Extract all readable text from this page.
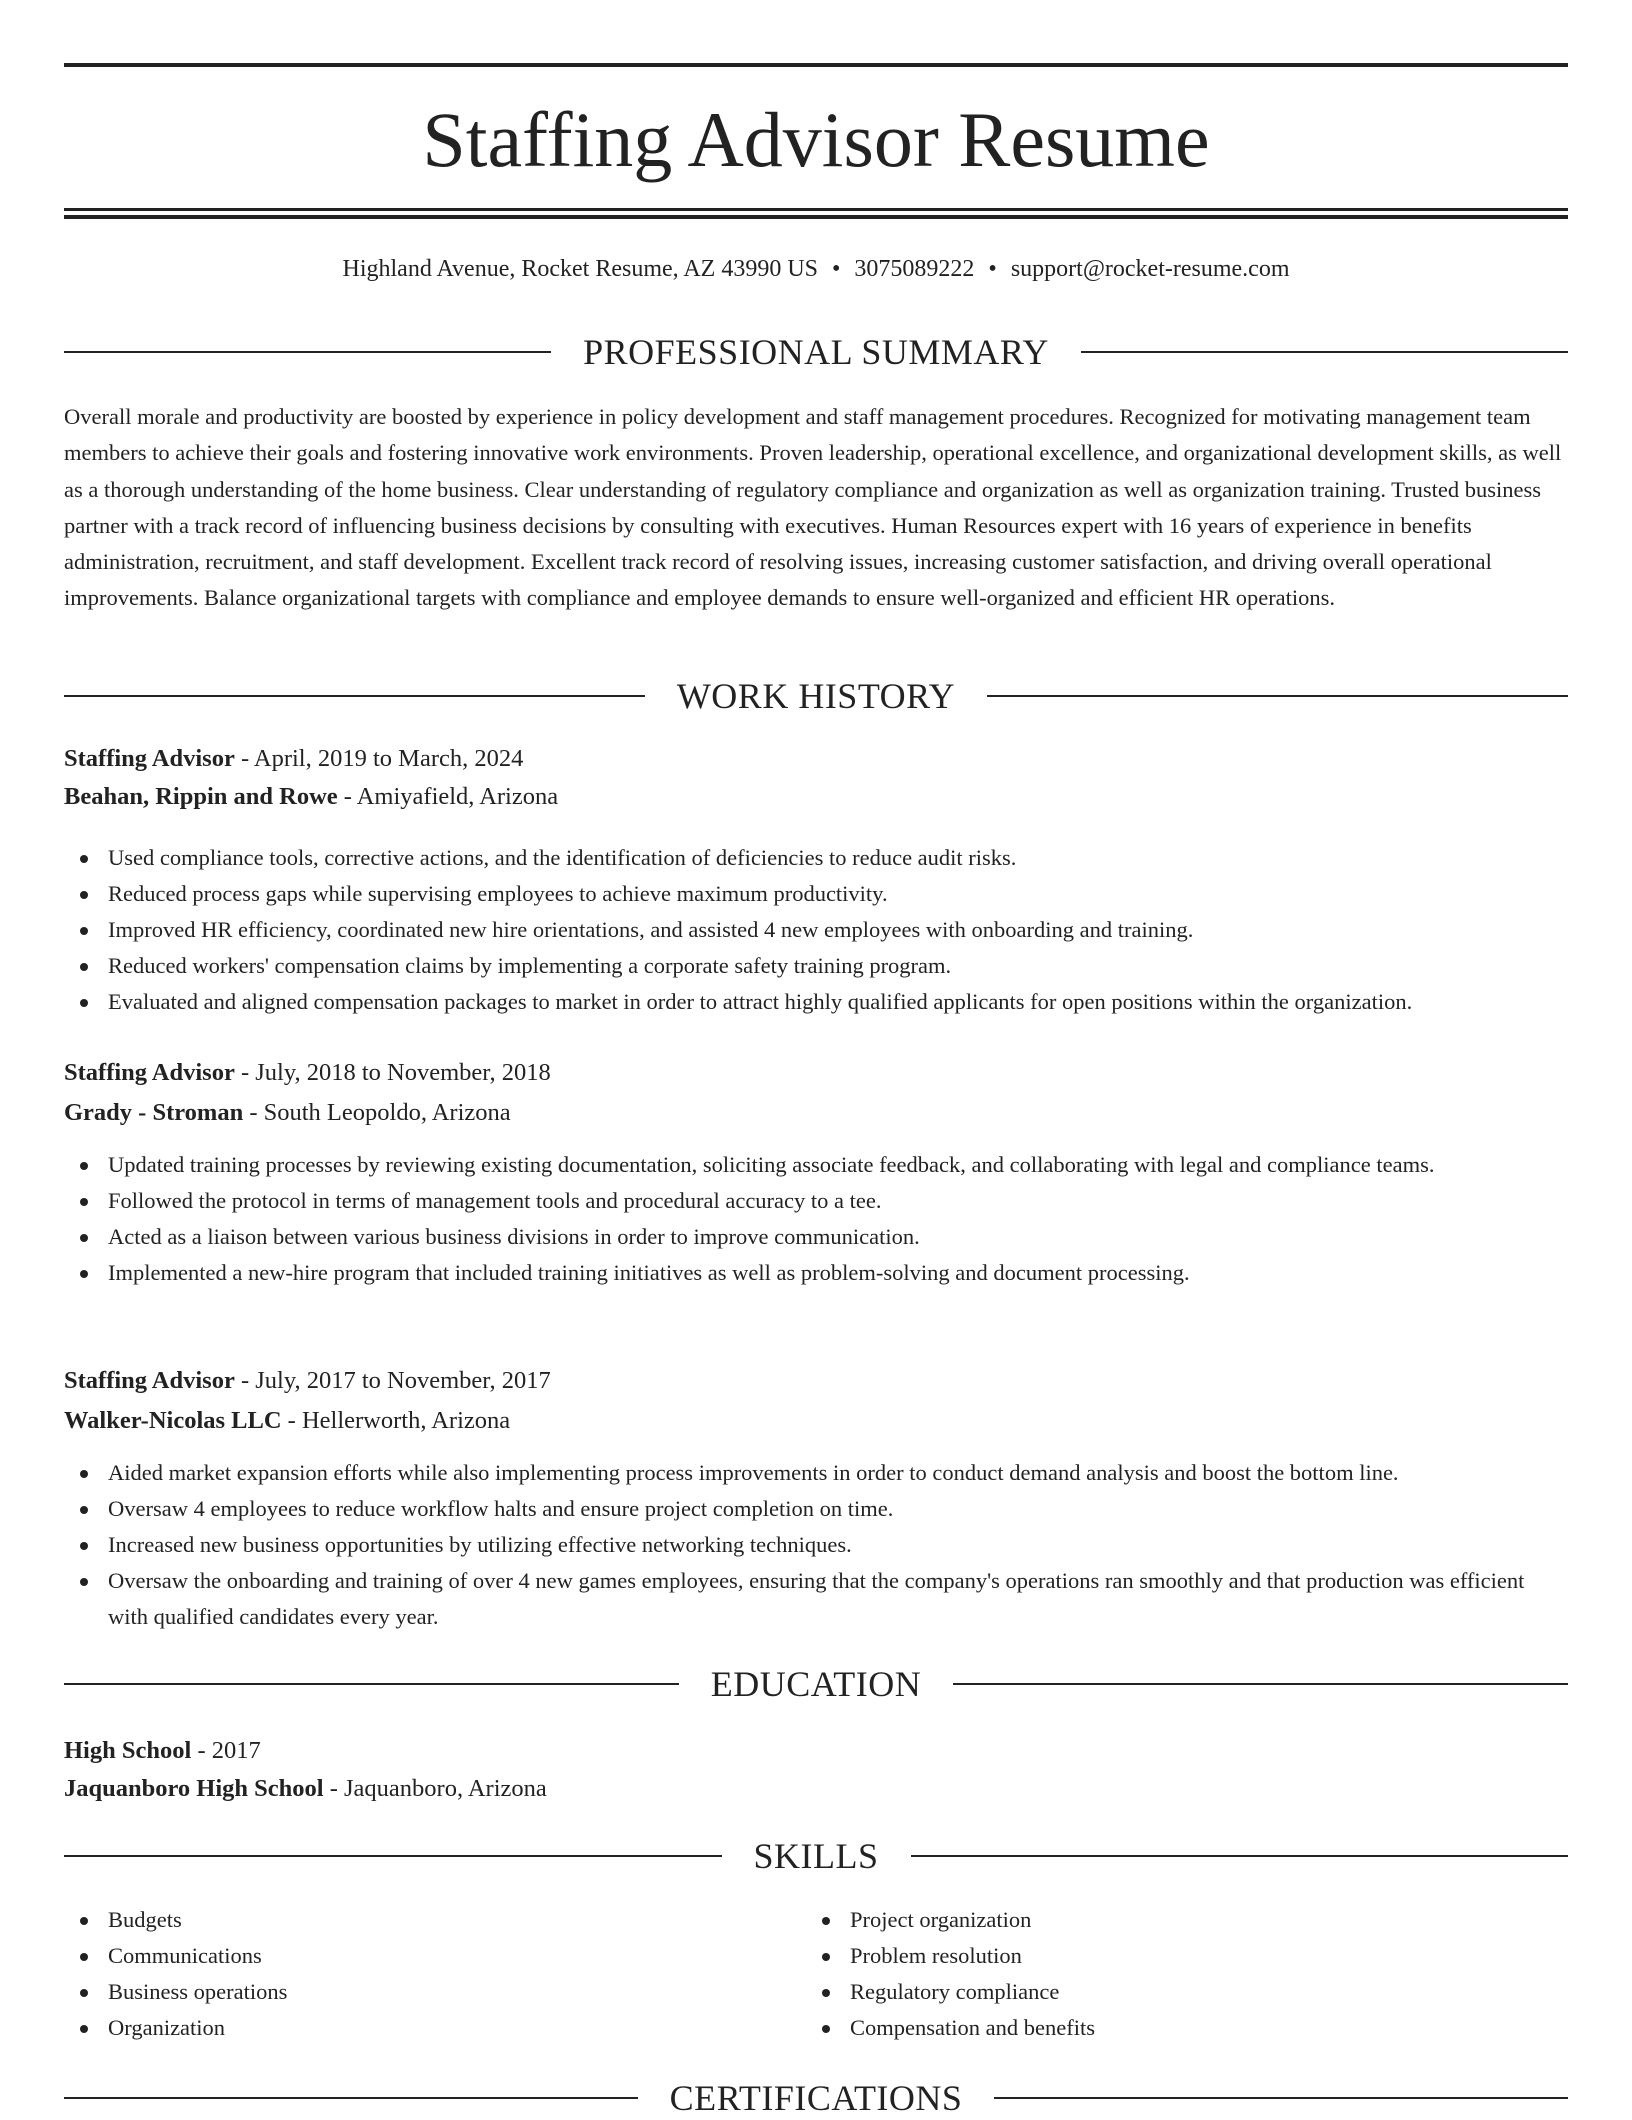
Staffing Advisor Resume
Highland Avenue, Rocket Resume, AZ 43990 US • 3075089222 • support@rocket-resume.com
PROFESSIONAL SUMMARY

Overall morale and productivity are boosted by experience in policy development and staff management procedures. Recognized for motivating management team members to achieve their goals and fostering innovative work environments. Proven leadership, operational excellence, and organizational development skills, as well as a thorough understanding of the home business. Clear understanding of regulatory compliance and organization as well as organization training. Trusted business partner with a track record of influencing business decisions by consulting with executives. Human Resources expert with 16 years of experience in benefits administration, recruitment, and staff development. Excellent track record of resolving issues, increasing customer satisfaction, and driving overall operational improvements. Balance organizational targets with compliance and employee demands to ensure well-organized and efficient HR operations.

WORK HISTORY
Staffing Advisor - April, 2019 to March, 2024
Beahan, Rippin and Rowe - Amiyafield, Arizona
Used compliance tools, corrective actions, and the identification of deficiencies to reduce audit risks.
Reduced process gaps while supervising employees to achieve maximum productivity.
Improved HR efficiency, coordinated new hire orientations, and assisted 4 new employees with onboarding and training.
Reduced workers' compensation claims by implementing a corporate safety training program.
Evaluated and aligned compensation packages to market in order to attract highly qualified applicants for open positions within the organization.
Staffing Advisor - July, 2018 to November, 2018
Grady - Stroman - South Leopoldo, Arizona
Updated training processes by reviewing existing documentation, soliciting associate feedback, and collaborating with legal and compliance teams.
Followed the protocol in terms of management tools and procedural accuracy to a tee.
Acted as a liaison between various business divisions in order to improve communication.
Implemented a new-hire program that included training initiatives as well as problem-solving and document processing.
Staffing Advisor - July, 2017 to November, 2017
Walker-Nicolas LLC - Hellerworth, Arizona
Aided market expansion efforts while also implementing process improvements in order to conduct demand analysis and boost the bottom line.
Oversaw 4 employees to reduce workflow halts and ensure project completion on time.
Increased new business opportunities by utilizing effective networking techniques.
Oversaw the onboarding and training of over 4 new games employees, ensuring that the company's operations ran smoothly and that production was efficient with qualified candidates every year.
EDUCATION
High School - 2017
Jaquanboro High School - Jaquanboro, Arizona
SKILLS
Budgets
Communications
Business operations
Organization
Project organization
Problem resolution
Regulatory compliance
Compensation and benefits
CERTIFICATIONS
